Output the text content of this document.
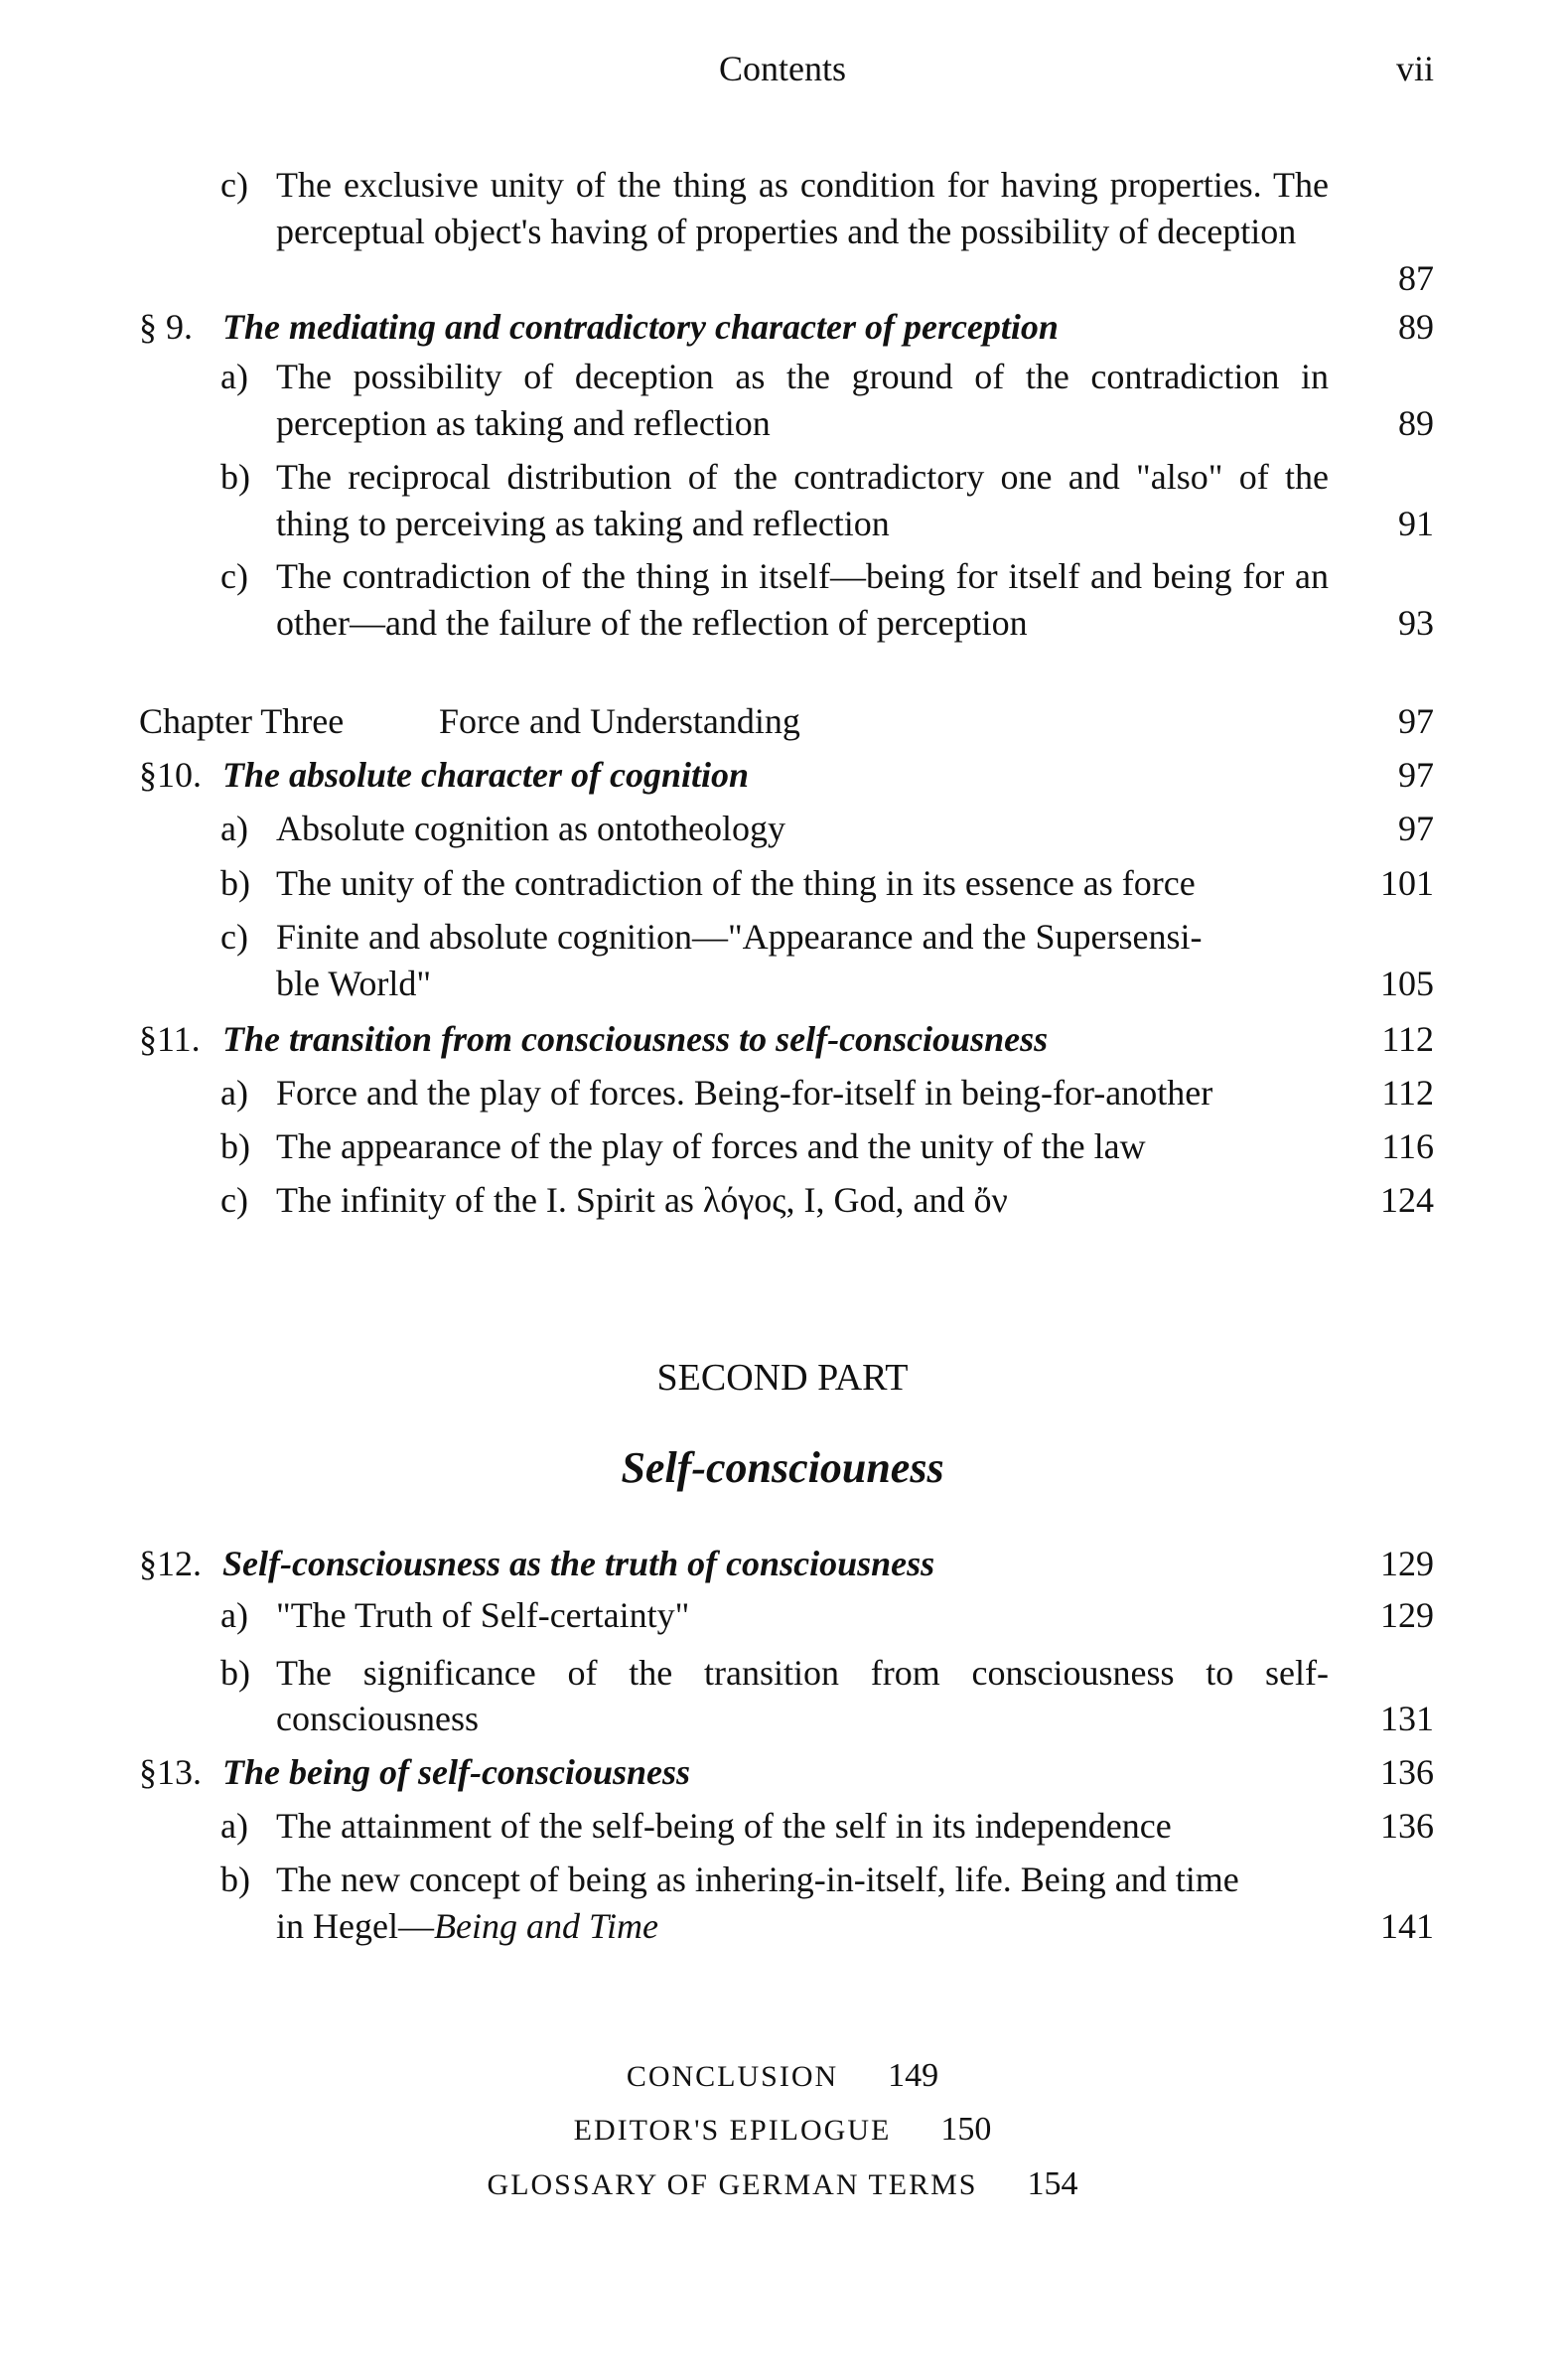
Contents	vii
c) The exclusive unity of the thing as condition for having properties. The perceptual object's having of properties and the possibility of deception
87
§ 9. The mediating and contradictory character of perception	89
a) The possibility of deception as the ground of the contradiction in perception as taking and reflection	89
b) The reciprocal distribution of the contradictory one and "also" of the thing to perceiving as taking and reflection	91
c) The contradiction of the thing in itself—being for itself and being for an other—and the failure of the reflection of perception	93
Chapter Three	Force and Understanding	97
§10. The absolute character of cognition	97
a) Absolute cognition as ontotheology	97
b) The unity of the contradiction of the thing in its essence as force	101
c) Finite and absolute cognition—"Appearance and the Supersensi-
ble World"	105
§11. The transition from consciousness to self-consciousness	112
a) Force and the play of forces. Being-for-itself in being-for-another	112
b) The appearance of the play of forces and the unity of the law	116
c) The infinity of the I. Spirit as λόγος, I, God, and ὄν	124
SECOND PART
Self-consciouness
§12. Self-consciousness as the truth of consciousness	129
a) "The Truth of Self-certainty"	129
b) The significance of the transition from consciousness to self-
consciousness	131
§13. The being of self-consciousness	136
a) The attainment of the self-being of the self in its independence	136
b) The new concept of being as inhering-in-itself, life. Being and time
in Hegel—Being and Time	141
CONCLUSION 149
EDITOR'S EPILOGUE 150
GLOSSARY OF GERMAN TERMS 154
